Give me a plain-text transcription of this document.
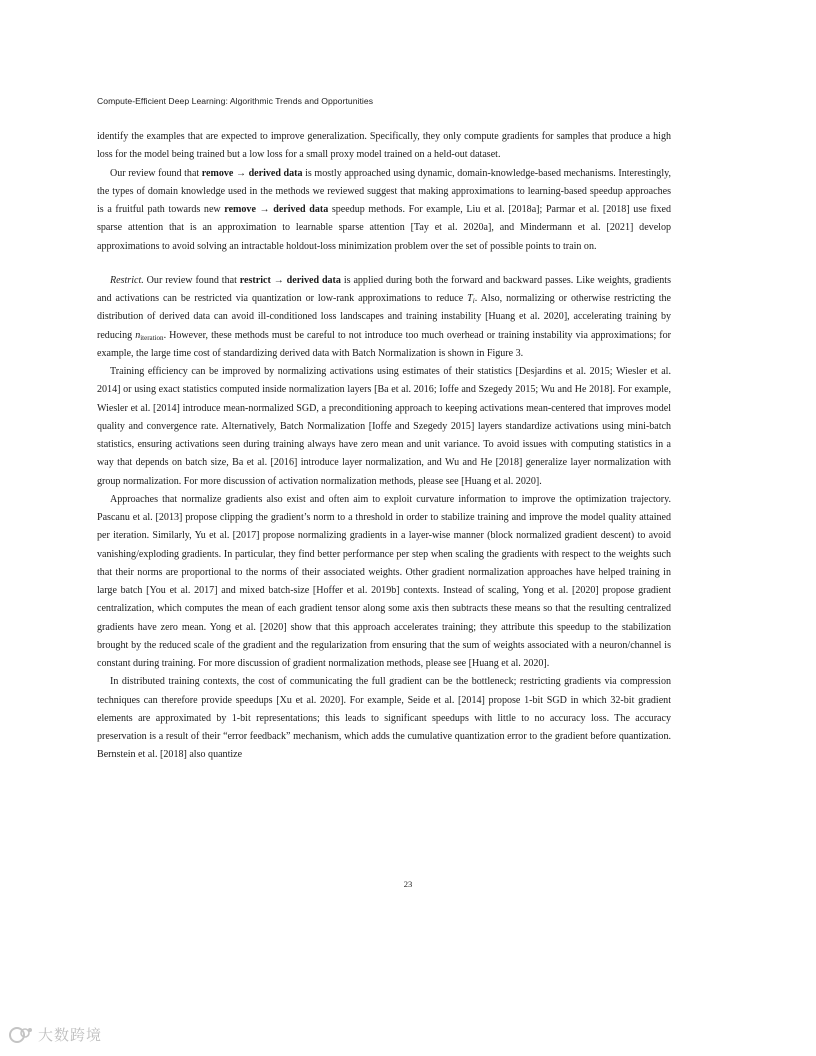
Compute-Efficient Deep Learning: Algorithmic Trends and Opportunities

identify the examples that are expected to improve generalization. Specifically, they only compute gradients for samples that produce a high loss for the model being trained but a low loss for a small proxy model trained on a held-out dataset.

Our review found that remove → derived data is mostly approached using dynamic, domain-knowledge-based mechanisms. Interestingly, the types of domain knowledge used in the methods we reviewed suggest that making approximations to learning-based speedup approaches is a fruitful path towards new remove → derived data speedup methods. For example, Liu et al. [2018a]; Parmar et al. [2018] use fixed sparse attention that is an approximation to learnable sparse attention [Tay et al. 2020a], and Mindermann et al. [2021] develop approximations to avoid solving an intractable holdout-loss minimization problem over the set of possible points to train on.

Restrict. Our review found that restrict → derived data is applied during both the forward and backward passes. Like weights, gradients and activations can be restricted via quantization or low-rank approximations to reduce $T_i$. Also, normalizing or otherwise restricting the distribution of derived data can avoid ill-conditioned loss landscapes and training instability [Huang et al. 2020], accelerating training by reducing $n_{iteration}$. However, these methods must be careful to not introduce too much overhead or training instability via approximations; for example, the large time cost of standardizing derived data with Batch Normalization is shown in Figure 3.

Training efficiency can be improved by normalizing activations using estimates of their statistics [Desjardins et al. 2015; Wiesler et al. 2014] or using exact statistics computed inside normalization layers [Ba et al. 2016; Ioffe and Szegedy 2015; Wu and He 2018]. For example, Wiesler et al. [2014] introduce mean-normalized SGD, a preconditioning approach to keeping activations mean-centered that improves model quality and convergence rate. Alternatively, Batch Normalization [Ioffe and Szegedy 2015] layers standardize activations using mini-batch statistics, ensuring activations seen during training always have zero mean and unit variance. To avoid issues with computing statistics in a way that depends on batch size, Ba et al. [2016] introduce layer normalization, and Wu and He [2018] generalize layer normalization with group normalization. For more discussion of activation normalization methods, please see [Huang et al. 2020].

Approaches that normalize gradients also exist and often aim to exploit curvature information to improve the optimization trajectory. Pascanu et al. [2013] propose clipping the gradient’s norm to a threshold in order to stabilize training and improve the model quality attained per iteration. Similarly, Yu et al. [2017] propose normalizing gradients in a layer-wise manner (block normalized gradient descent) to avoid vanishing/exploding gradients. In particular, they find better performance per step when scaling the gradients with respect to the weights such that their norms are proportional to the norms of their associated weights. Other gradient normalization approaches have helped training in large batch [You et al. 2017] and mixed batch-size [Hoffer et al. 2019b] contexts. Instead of scaling, Yong et al. [2020] propose gradient centralization, which computes the mean of each gradient tensor along some axis then subtracts these means so that the resulting centralized gradients have zero mean. Yong et al. [2020] show that this approach accelerates training; they attribute this speedup to the stabilization brought by the reduced scale of the gradient and the regularization from ensuring that the sum of weights associated with a neuron/channel is constant during training. For more discussion of gradient normalization methods, please see [Huang et al. 2020].

In distributed training contexts, the cost of communicating the full gradient can be the bottleneck; restricting gradients via compression techniques can therefore provide speedups [Xu et al. 2020]. For example, Seide et al. [2014] propose 1-bit SGD in which 32-bit gradient elements are approximated by 1-bit representations; this leads to significant speedups with little to no accuracy loss. The accuracy preservation is a result of their “error feedback” mechanism, which adds the cumulative quantization error to the gradient before quantization. Bernstein et al. [2018] also quantize

23
大数跨境
